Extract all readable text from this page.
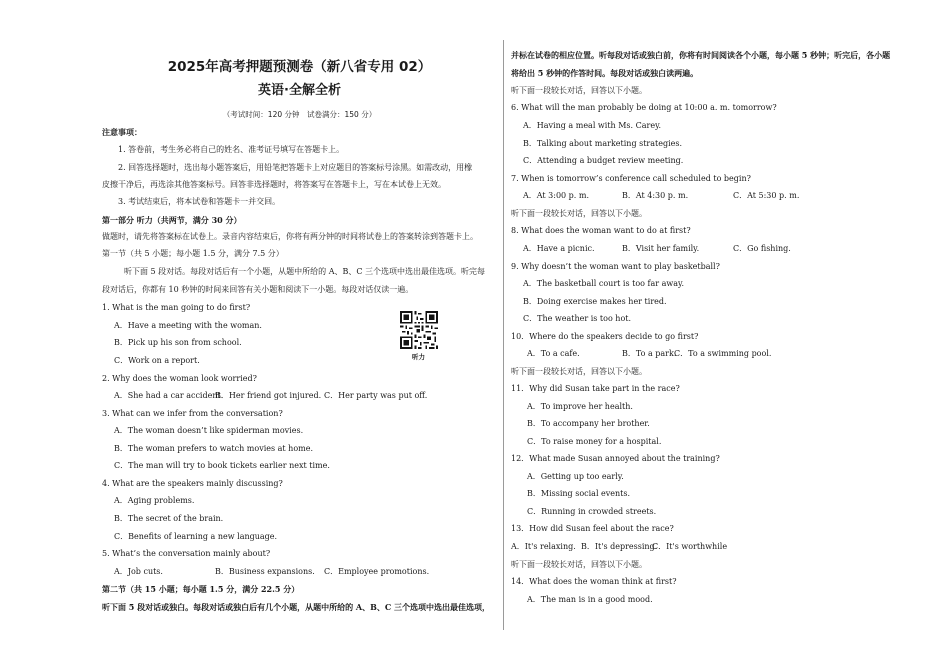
2025年高考押题预测卷（新八省专用 02）
英语·全解全析
（考试时间：120 分钟　试卷满分：150 分）
注意事项：
1. 答卷前，考生务必将自己的姓名、准考证号填写在答题卡上。
2. 回答选择题时，选出每小题答案后，用铅笔把答题卡上对应题目的答案标号涂黑。如需改动，用橡
皮擦干净后，再选涂其他答案标号。回答非选择题时，将答案写在答题卡上，写在本试卷上无效。
3. 考试结束后，将本试卷和答题卡一并交回。
第一部分 听力（共两节，满分 30 分）
做题时，请先将答案标在试卷上。录音内容结束后，你将有两分钟的时间将试卷上的答案转涂到答题卡上。
第一节（共 5 小题；每小题 1.5 分，满分 7.5 分）
听下面 5 段对话。每段对话后有一个小题，从题中所给的 A、B、C 三个选项中选出最佳选项。听完每
段对话后，你都有 10 秒钟的时间来回答有关小题和阅读下一小题。每段对话仅读一遍。
1. What is the man going to do first?
A．Have a meeting with the woman.
B．Pick up his son from school.
C．Work on a report.
2. Why does the woman look worried?
A．She had a car accident.
B．Her friend got injured. C．Her party was put off.
3. What can we infer from the conversation?
A．The woman doesn’t like spiderman movies.
B．The woman prefers to watch movies at home.
C．The man will try to book tickets earlier next time.
4. What are the speakers mainly discussing?
A．Aging problems.
B．The secret of the brain.
C．Benefits of learning a new language.
5. What’s the conversation mainly about?
A．Job cuts.	B．Business expansions. C．Employee promotions.
第二节（共 15 小题；每小题 1.5 分，满分 22.5 分）
听下面 5 段对话或独白。每段对话或独白后有几个小题，从题中所给的 A、B、C 三个选项中选出最佳选项，
听力
并标在试卷的相应位置。听每段对话或独白前，你将有时间阅读各个小题，每小题 5 秒钟；听完后，各小题
将给出 5 秒钟的作答时间。每段对话或独白读两遍。
听下面一段较长对话，回答以下小题。
6. What will the man probably be doing at 10:00 a. m. tomorrow?
A．Having a meal with Ms. Carey.
B．Talking about marketing strategies.
C．Attending a budget review meeting.
7. When is tomorrow’s conference call scheduled to begin?
A．At 3:00 p. m.	B．At 4:30 p. m.	C．At 5:30 p. m.
听下面一段较长对话，回答以下小题。
8. What does the woman want to do at first?
A．Have a picnic.	B．Visit her family.	C．Go fishing.
9. Why doesn’t the woman want to play basketball?
A．The basketball court is too far away.
B．Doing exercise makes her tired.
C．The weather is too hot.
10．Where do the speakers decide to go first?
A．To a cafe.	B．To a park.
C．To a swimming pool.
听下面一段较长对话，回答以下小题。
11．Why did Susan take part in the race?
A．To improve her health.
B．To accompany her brother.
C．To raise money for a hospital.
12．What made Susan annoyed about the training?
A．Getting up too early.
B．Missing social events.
C．Running in crowded streets.
13．How did Susan feel about the race?
A．It's relaxing. B．It's depressing.
C．It's worthwhile
听下面一段较长对话，回答以下小题。
14．What does the woman think at first?
A．The man is in a good mood.
